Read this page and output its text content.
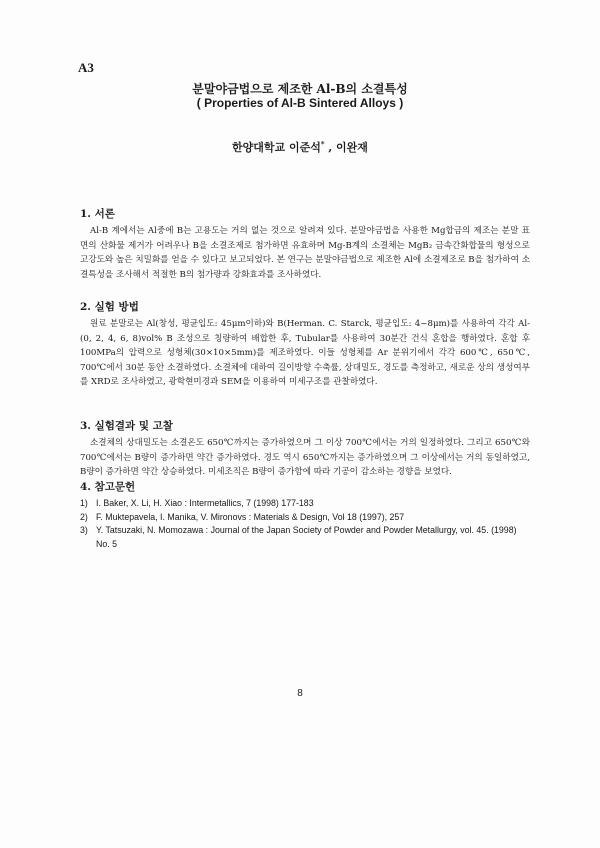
A3
분말야금법으로 제조한 Al-B의 소결특성
( Properties of Al-B Sintered Alloys )
한양대학교 이준석* , 이완재
1. 서론

Al-B 계에서는 Al중에 B는 고용도는 거의 없는 것으로 알려져 있다. 분말야금법을 사용한 Mg합금의 제조는 분말 표면의 산화물 제거가 어려우나 B을 소결조제로 첨가하면 유효하며 Mg-B계의 소결체는 MgB₂ 금속간화합물의 형성으로 고강도와 높은 치밀화를 얻을 수 있다고 보고되었다. 본 연구는 분말야금법으로 제조한 Al에 소결제조로 B을 첨가하여 소결특성을 조사해서 적절한 B의 첨가량과 강화효과를 조사하였다.

2. 실험 방법

원료 분말로는 Al(창성, 평균입도: 45μm이하)와 B(Herman. C. Starck, 평균입도: 4~8μm)를 사용하여 각각 Al-(0, 2, 4, 6, 8)vol% B 조성으로 칭량하여 배합한 후, Tubular를 사용하여 30분간 건식 혼합을 행하였다. 혼합 후 100MPa의 압력으로 성형체(30×10×5mm)를 제조하였다. 이들 성형체를 Ar 분위기에서 각각 600℃, 650℃, 700℃에서 30분 동안 소결하였다. 소결체에 대하여 길이방향 수축률, 상대밀도, 경도를 측정하고, 새로운 상의 생성여부를 XRD로 조사하였고, 광학현미경과 SEM을 이용하여 미세구조를 관찰하였다.

3. 실험결과 및 고찰

소결체의 상대밀도는 소결온도 650℃까지는 증가하였으며 그 이상 700℃에서는 거의 일정하였다. 그리고 650℃와 700℃에서는 B량이 증가하면 약간 증가하였다. 경도 역시 650℃까지는 증가하였으며 그 이상에서는 거의 동일하였고, B량이 증가하면 약간 상승하였다. 미세조직은 B량이 증가함에 따라 기공이 감소하는 경향을 보였다.

4. 참고문헌
1) I. Baker, X. Li, H. Xiao : Intermetallics, 7 (1998) 177-183
2) F. Muktepavela, I. Manika, V. Mironovs : Materials & Design, Vol 18 (1997), 257
3) Y. Tatsuzaki, N. Momozawa : Journal of the Japan Society of Powder and Powder Metallurgy, vol. 45. (1998) No. 5
8
